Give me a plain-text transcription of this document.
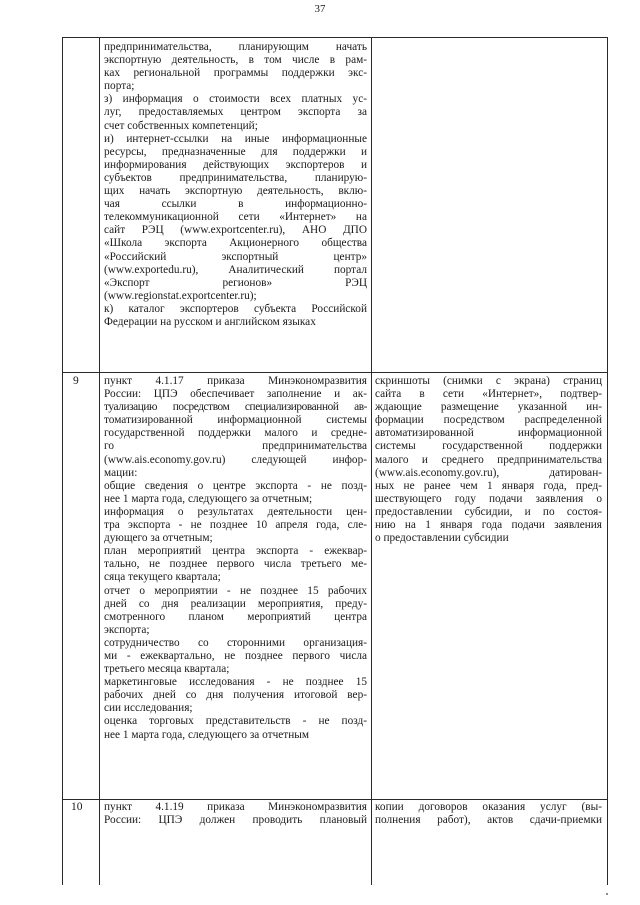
37
предпринимательства, планирующим начать
экспортную деятельность, в том числе в рам-
ках региональной программы поддержки экс-
порта;
з) информация о стоимости всех платных ус-
луг, предоставляемых центром экспорта за
счет собственных компетенций;
и) интернет-ссылки на иные информационные
ресурсы, предназначенные для поддержки и
информирования действующих экспортеров и
субъектов предпринимательства, планирую-
щих начать экспортную деятельность, вклю-
чая ссылки в информационно-
телекоммуникационной сети «Интернет» на
сайт РЭЦ (www.exportcenter.ru), АНО ДПО
«Школа экспорта Акционерного общества
«Российский экспортный центр»
(www.exportedu.ru), Аналитический портал
«Экспорт регионов» РЭЦ
(www.regionstat.exportcenter.ru);
к) каталог экспортеров субъекта Российской
Федерации на русском и английском языках
9 пункт 4.1.17 приказа Минэкономразвития
России: ЦПЭ обеспечивает заполнение и ак-
туализацию посредством специализированной ав-
томатизированной информационной системы
государственной поддержки малого и средне-
го предпринимательства
(www.ais.economy.gov.ru) следующей инфор-
мации:
общие сведения о центре экспорта - не позд-
нее 1 марта года, следующего за отчетным;
информация о результатах деятельности цен-
тра экспорта - не позднее 10 апреля года, сле-
дующего за отчетным;
план мероприятий центра экспорта - ежеквар-
тально, не позднее первого числа третьего ме-
сяца текущего квартала;
отчет о мероприятии - не позднее 15 рабочих
дней со дня реализации мероприятия, преду-
смотренного планом мероприятий центра
экспорта;
сотрудничество со сторонними организация-
ми - ежеквартально, не позднее первого числа
третьего месяца квартала;
маркетинговые исследования - не позднее 15
рабочих дней со дня получения итоговой вер-
сии исследования;
оценка торговых представительств - не позд-
нее 1 марта года, следующего за отчетным
скриншоты (снимки с экрана) страниц
сайта в сети «Интернет», подтвер-
ждающие размещение указанной ин-
формации посредством распределенной
автоматизированной информационной
системы государственной поддержки
малого и среднего предпринимательства
(www.ais.economy.gov.ru), датирован-
ных не ранее чем 1 января года, пред-
шествующего году подачи заявления о
предоставлении субсидии, и по состоя-
нию на 1 января года подачи заявления
о предоставлении субсидии
10 пункт 4.1.19 приказа Минэкономразвития
России: ЦПЭ должен проводить плановый
копии договоров оказания услуг (вы-
полнения работ), актов сдачи-приемки
